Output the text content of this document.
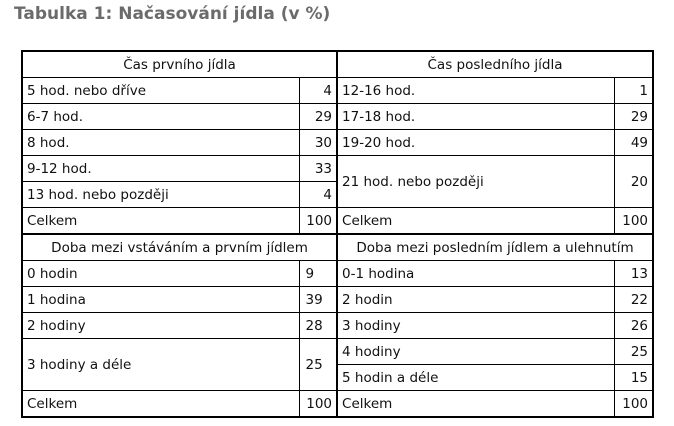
Tabulka 1: Načasování jídla (v %)
Čas prvního jídla		Čas posledního jídla	
5 hod. nebo dříve	4	12-16 hod.	1
6-7 hod.	29	17-18 hod.	29
8 hod.	30	19-20 hod.	49
9-12 hod.	33	21 hod. nebo později	20
13 hod. nebo později	4		
Celkem	100	Celkem	100
Doba mezi vstáváním a prvním jídlem		Doba mezi posledním jídlem a ulehnutím	
0 hodin	9	0-1 hodina	13
1 hodina	39	2 hodin	22
2 hodiny	28	3 hodiny	26
3 hodiny a déle	25	4 hodiny	25
		5 hodin a déle	15
Celkem	100	Celkem	100
